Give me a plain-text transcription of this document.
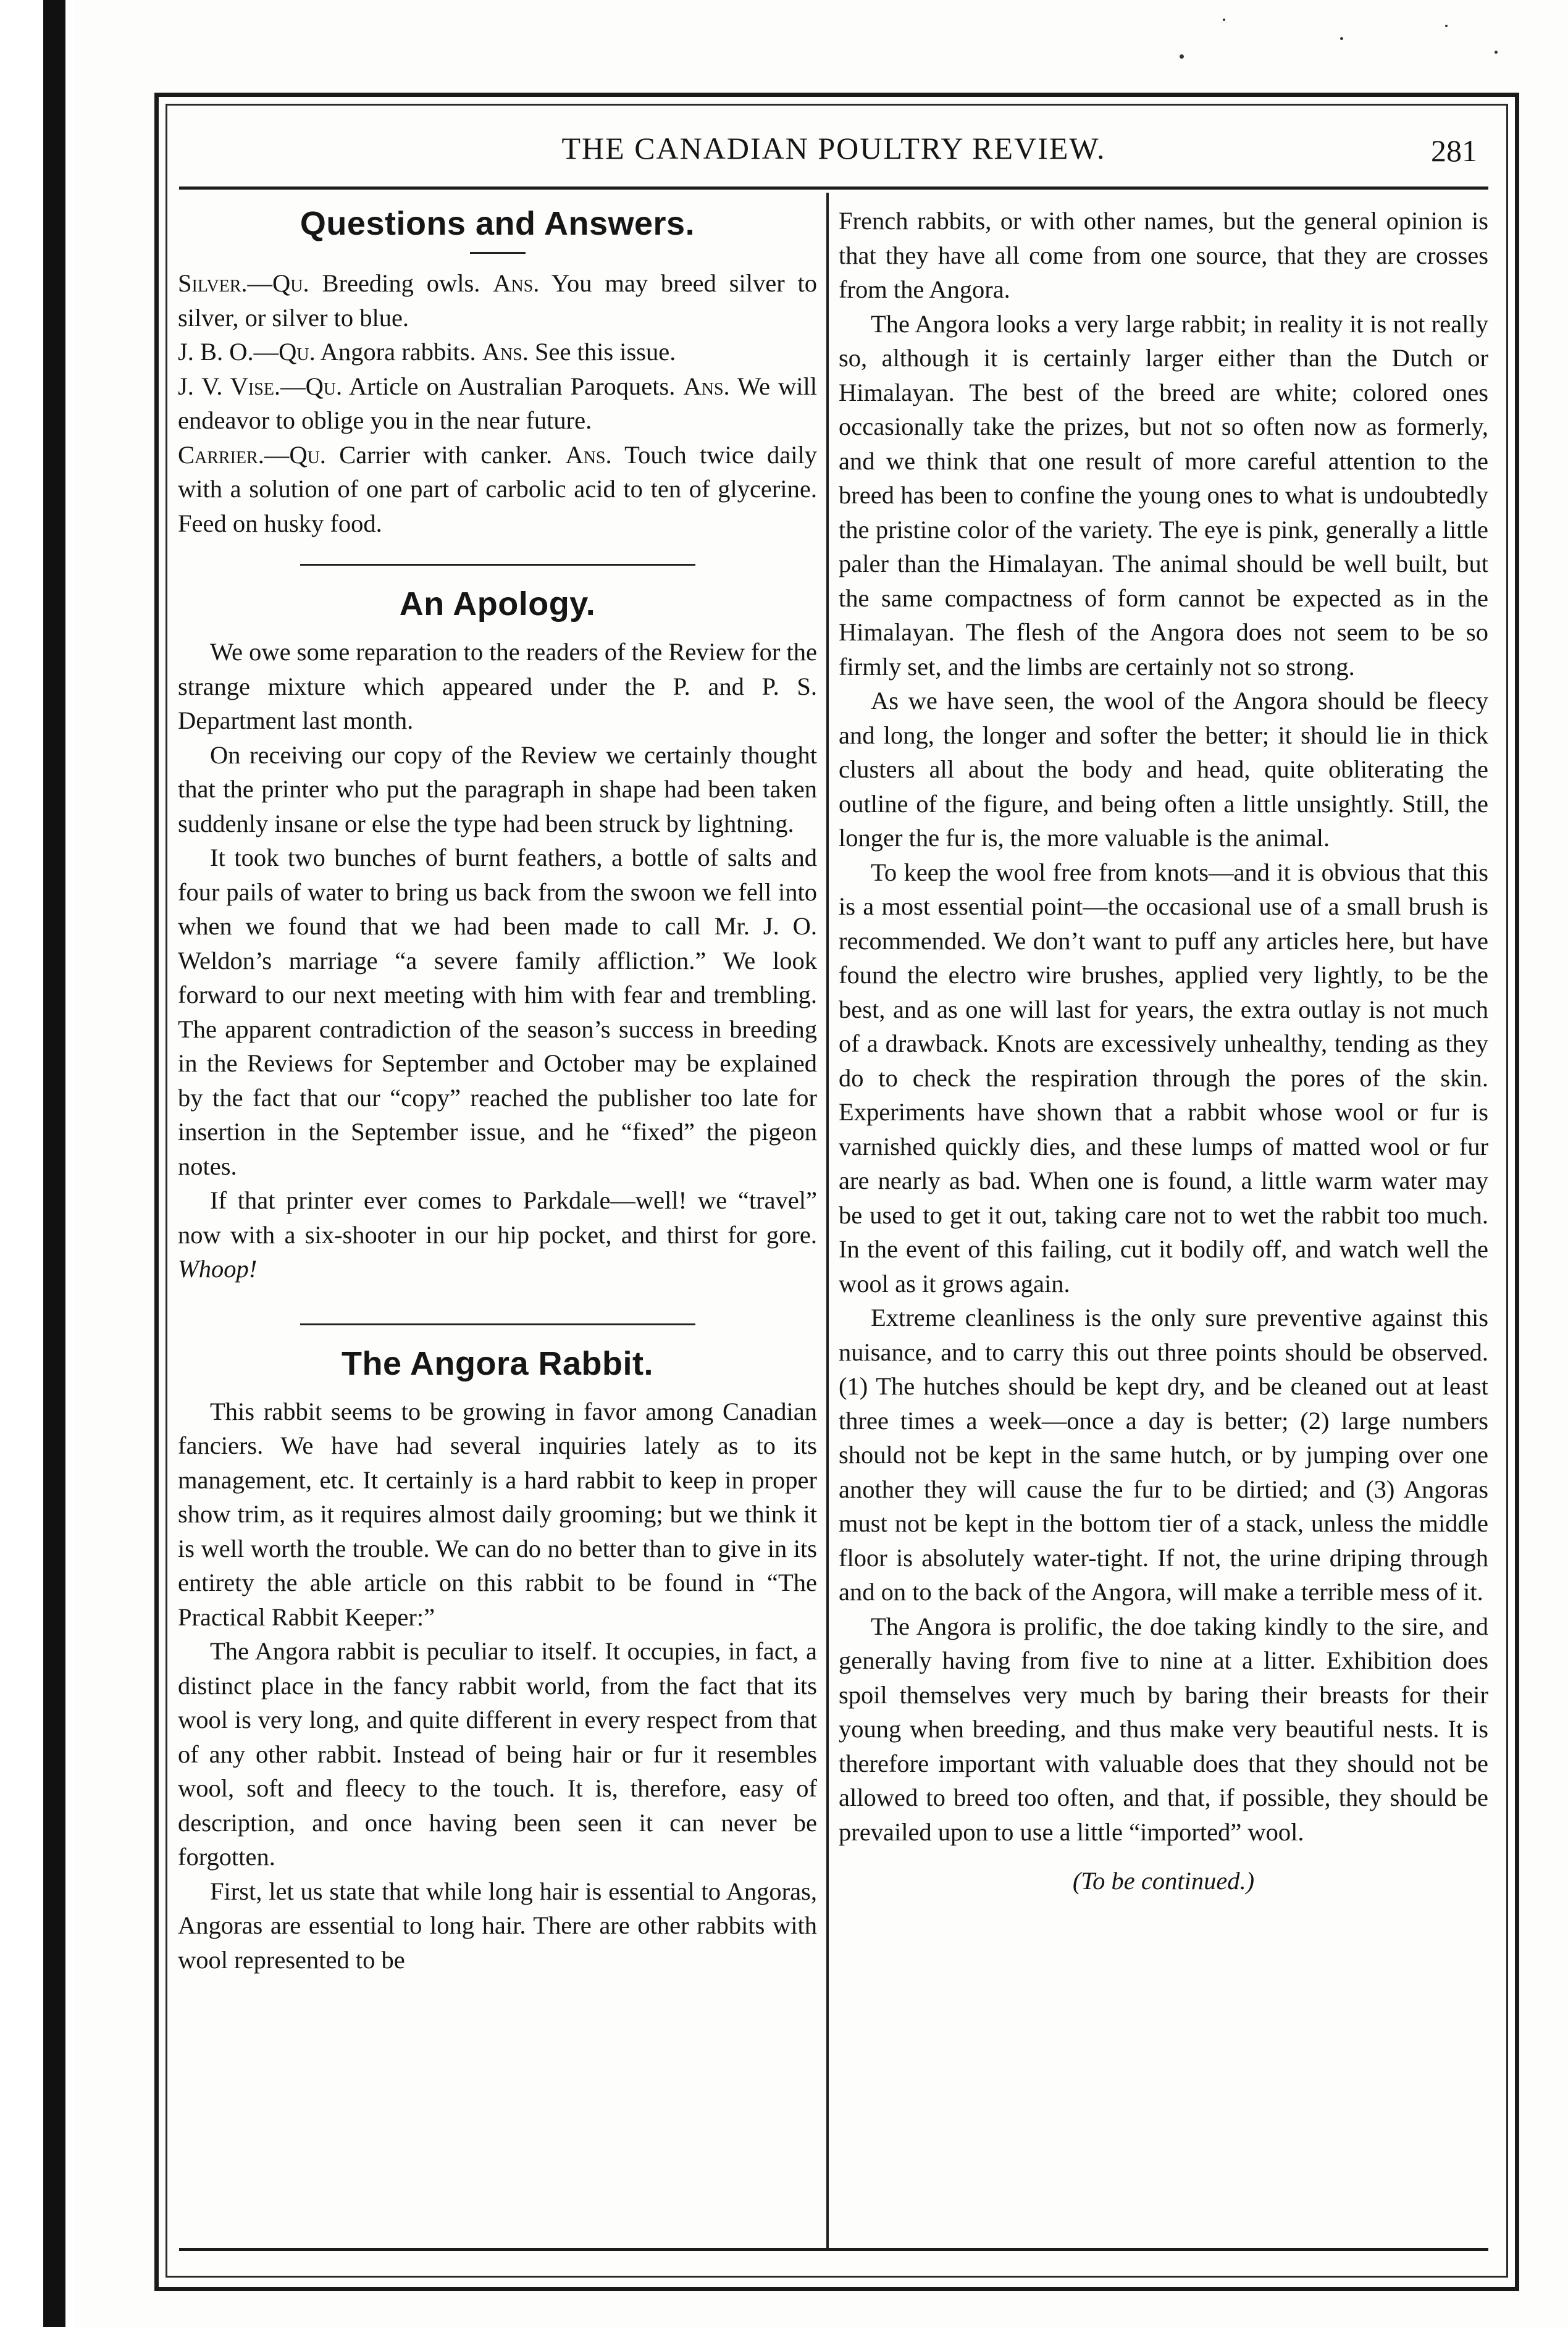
THE CANADIAN POULTRY REVIEW.	281
Questions and Answers.

Silver.—Qu. Breeding owls. Ans. You may breed silver to silver, or silver to blue.

J. B. O.—Qu. Angora rabbits. Ans. See this issue.

J. V. Vise.—Qu. Article on Australian Paroquets. Ans. We will endeavor to oblige you in the near future.

Carrier.—Qu. Carrier with canker. Ans. Touch twice daily with a solution of one part of carbolic acid to ten of glycerine. Feed on husky food.

An Apology.

We owe some reparation to the readers of the Review for the strange mixture which appeared under the P. and P. S. Department last month.

On receiving our copy of the Review we certainly thought that the printer who put the paragraph in shape had been taken suddenly insane or else the type had been struck by lightning.

It took two bunches of burnt feathers, a bottle of salts and four pails of water to bring us back from the swoon we fell into when we found that we had been made to call Mr. J. O. Weldon’s marriage “a severe family affliction.” We look forward to our next meeting with him with fear and trembling. The apparent contradiction of the season’s success in breeding in the Reviews for September and October may be explained by the fact that our “copy” reached the publisher too late for insertion in the September issue, and he “fixed” the pigeon notes.

If that printer ever comes to Parkdale—well! we “travel” now with a six-shooter in our hip pocket, and thirst for gore. Whoop!

The Angora Rabbit.

This rabbit seems to be growing in favor among Canadian fanciers. We have had several inquiries lately as to its management, etc. It certainly is a hard rabbit to keep in proper show trim, as it requires almost daily grooming; but we think it is well worth the trouble. We can do no better than to give in its entirety the able article on this rabbit to be found in “The Practical Rabbit Keeper:”

The Angora rabbit is peculiar to itself. It occupies, in fact, a distinct place in the fancy rabbit world, from the fact that its wool is very long, and quite different in every respect from that of any other rabbit. Instead of being hair or fur it resembles wool, soft and fleecy to the touch. It is, therefore, easy of description, and once having been seen it can never be forgotten.

First, let us state that while long hair is essential to Angoras, Angoras are essential to long hair. There are other rabbits with wool represented to be

French rabbits, or with other names, but the general opinion is that they have all come from one source, that they are crosses from the Angora.

The Angora looks a very large rabbit; in reality it is not really so, although it is certainly larger either than the Dutch or Himalayan. The best of the breed are white; colored ones occasionally take the prizes, but not so often now as formerly, and we think that one result of more careful attention to the breed has been to confine the young ones to what is undoubtedly the pristine color of the variety. The eye is pink, generally a little paler than the Himalayan. The animal should be well built, but the same compactness of form cannot be expected as in the Himalayan. The flesh of the Angora does not seem to be so firmly set, and the limbs are certainly not so strong.

As we have seen, the wool of the Angora should be fleecy and long, the longer and softer the better; it should lie in thick clusters all about the body and head, quite obliterating the outline of the figure, and being often a little unsightly. Still, the longer the fur is, the more valuable is the animal.

To keep the wool free from knots—and it is obvious that this is a most essential point—the occasional use of a small brush is recommended. We don’t want to puff any articles here, but have found the electro wire brushes, applied very lightly, to be the best, and as one will last for years, the extra outlay is not much of a drawback. Knots are excessively unhealthy, tending as they do to check the respiration through the pores of the skin. Experiments have shown that a rabbit whose wool or fur is varnished quickly dies, and these lumps of matted wool or fur are nearly as bad. When one is found, a little warm water may be used to get it out, taking care not to wet the rabbit too much. In the event of this failing, cut it bodily off, and watch well the wool as it grows again.

Extreme cleanliness is the only sure preventive against this nuisance, and to carry this out three points should be observed. (1) The hutches should be kept dry, and be cleaned out at least three times a week—once a day is better; (2) large numbers should not be kept in the same hutch, or by jumping over one another they will cause the fur to be dirtied; and (3) Angoras must not be kept in the bottom tier of a stack, unless the middle floor is absolutely water-tight. If not, the urine driping through and on to the back of the Angora, will make a terrible mess of it.

The Angora is prolific, the doe taking kindly to the sire, and generally having from five to nine at a litter. Exhibition does spoil themselves very much by baring their breasts for their young when breeding, and thus make very beautiful nests. It is therefore important with valuable does that they should not be allowed to breed too often, and that, if possible, they should be prevailed upon to use a little “imported” wool.

(To be continued.)
